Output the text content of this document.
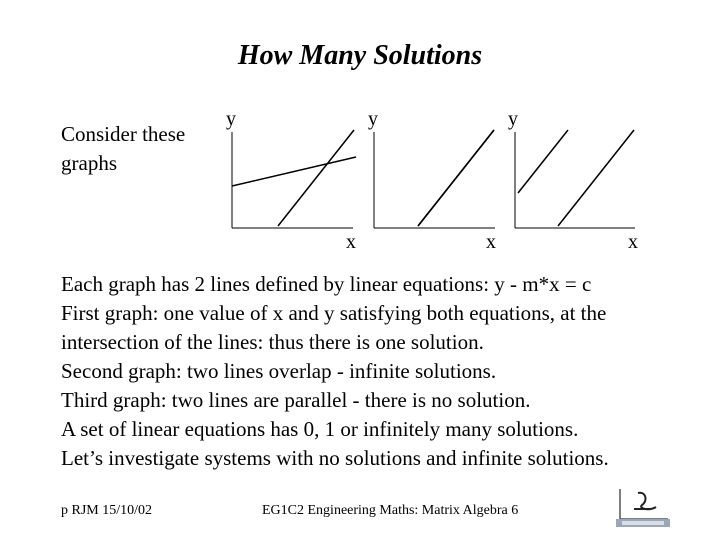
How Many Solutions
Consider these graphs
y
x
y
x
y
x
Each graph has 2 lines defined by linear equations: y - m*x = c
First graph: one value of x and y satisfying both equations, at the
intersection of the lines: thus there is one solution.
Second graph: two lines overlap - infinite solutions.
Third graph: two lines are parallel - there is no solution.
A set of linear equations has 0, 1 or infinitely many solutions.
Let’s investigate systems with no solutions and infinite solutions.
p RJM 15/10/02	EG1C2 Engineering Maths: Matrix Algebra 6
